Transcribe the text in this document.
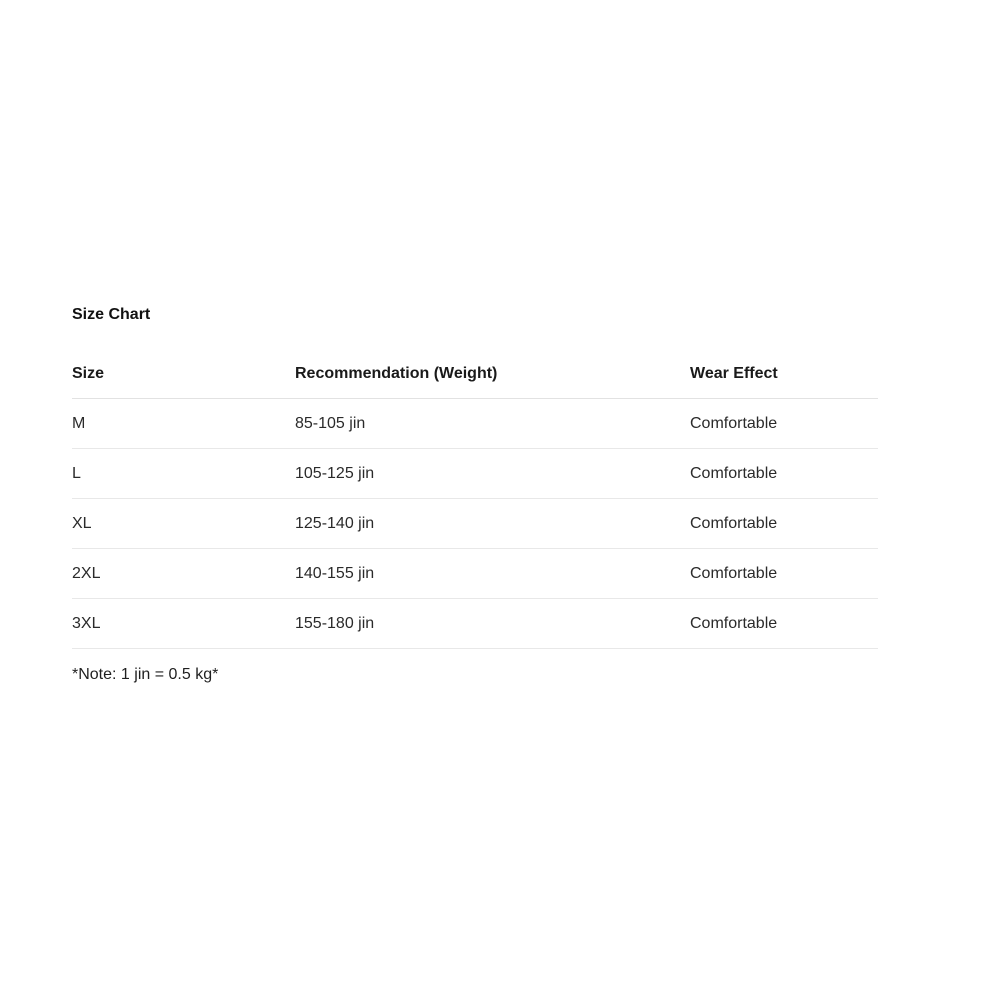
Size Chart
Size	Recommendation (Weight)	Wear Effect
M	85-105 jin	Comfortable
L	105-125 jin	Comfortable
XL	125-140 jin	Comfortable
2XL	140-155 jin	Comfortable
3XL	155-180 jin	Comfortable

*Note: 1 jin = 0.5 kg*
